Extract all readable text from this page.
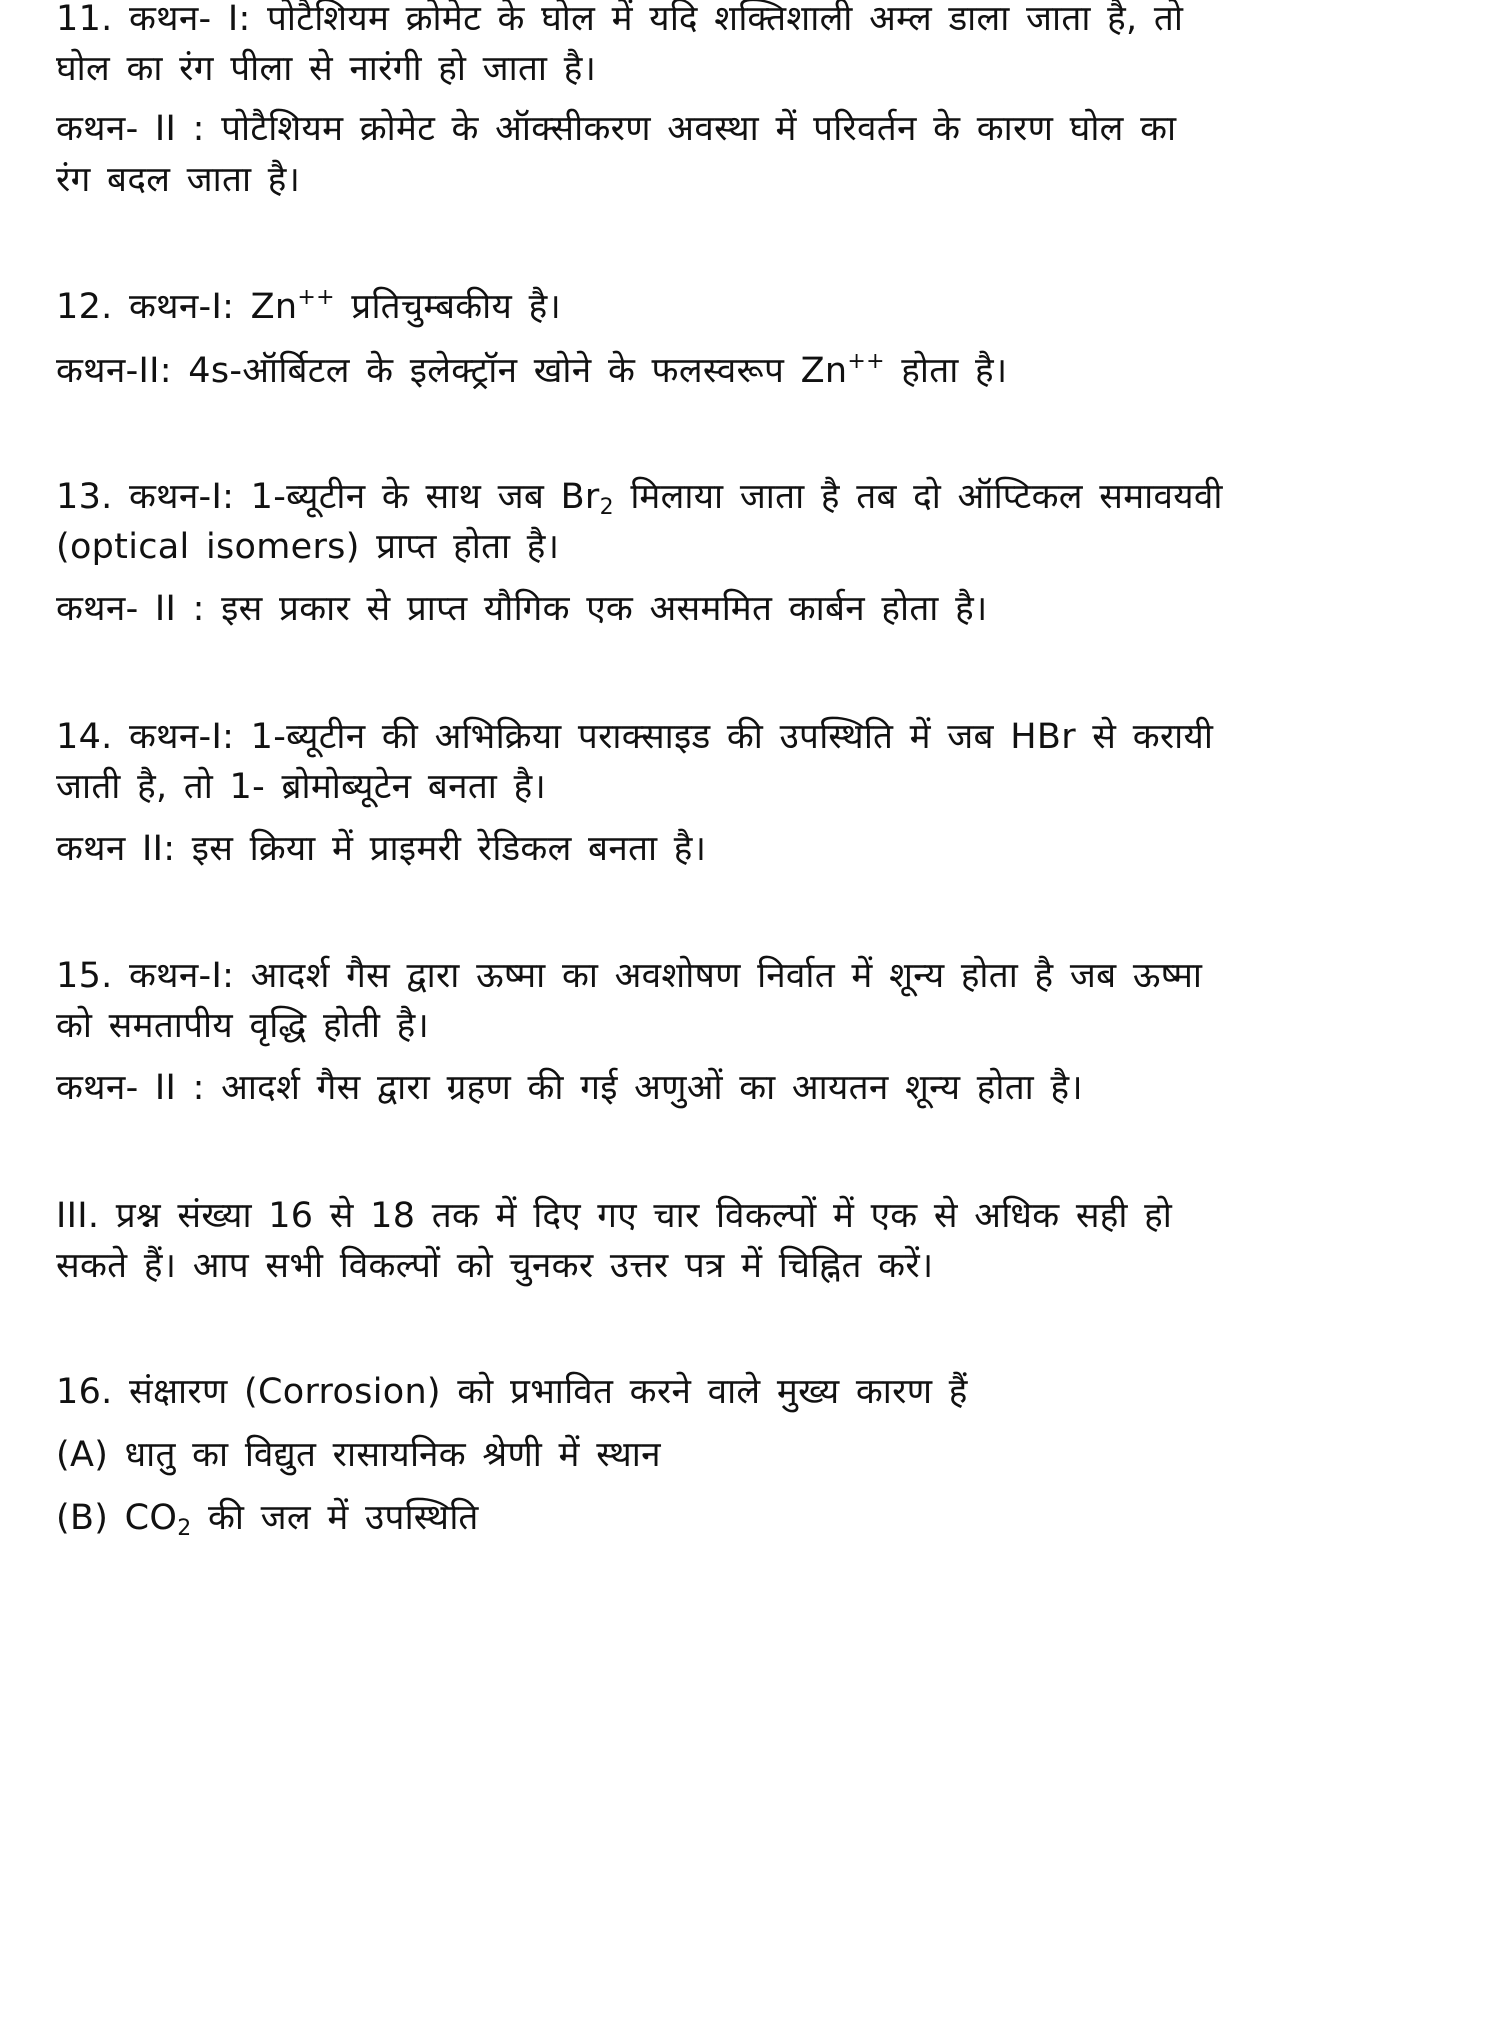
11. कथन- I: पोटैशियम क्रोमेट के घोल में यदि शक्तिशाली अम्ल डाला जाता है, तो
घोल का रंग पीला से नारंगी हो जाता है।
कथन- II : पोटैशियम क्रोमेट के ऑक्सीकरण अवस्था में परिवर्तन के कारण घोल का
रंग बदल जाता है।
12. कथन-I: Zn++ प्रतिचुम्बकीय है।
कथन-II: 4s-ऑर्बिटल के इलेक्ट्रॉन खोने के फलस्वरूप Zn++ होता है।
13. कथन-I: 1-ब्यूटीन के साथ जब $Br_2$ मिलाया जाता है तब दो ऑप्टिकल समावयवी
(optical isomers) प्राप्त होता है।
कथन- II : इस प्रकार से प्राप्त यौगिक एक असममित कार्बन होता है।
14. कथन-I: 1-ब्यूटीन की अभिक्रिया पराक्साइड की उपस्थिति में जब HBr से करायी
जाती है, तो 1- ब्रोमोब्यूटेन बनता है।
कथन II: इस क्रिया में प्राइमरी रेडिकल बनता है।
15. कथन-I: आदर्श गैस द्वारा ऊष्मा का अवशोषण निर्वात में शून्य होता है जब ऊष्मा
को समतापीय वृद्धि होती है।
कथन- II : आदर्श गैस द्वारा ग्रहण की गई अणुओं का आयतन शून्य होता है।
III. प्रश्न संख्या 16 से 18 तक में दिए गए चार विकल्पों में एक से अधिक सही हो
सकते हैं। आप सभी विकल्पों को चुनकर उत्तर पत्र में चिह्नित करें।
16. संक्षारण (Corrosion) को प्रभावित करने वाले मुख्य कारण हैं
(A) धातु का विद्युत रासायनिक श्रेणी में स्थान
(B) $CO_2$ की जल में उपस्थिति
